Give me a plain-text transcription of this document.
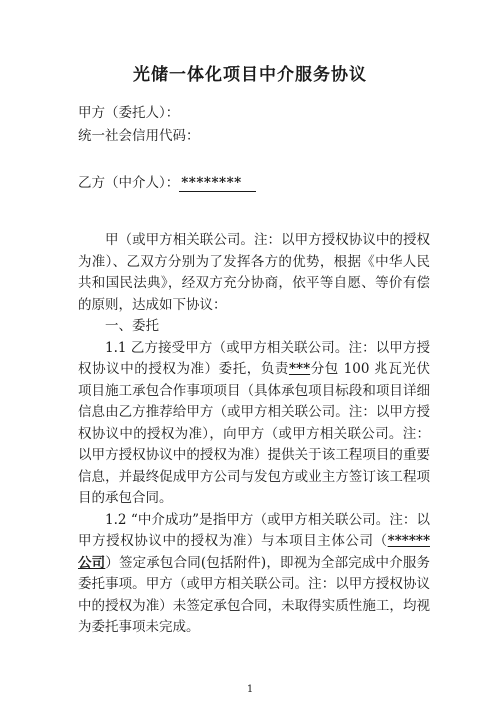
光储一体化项目中介服务协议
甲方（委托人）：
统一社会信用代码：
乙方（中介人）： ********

甲（或甲方相关联公司。注：以甲方授权协议中的授权为准）、乙双方分别为了发挥各方的优势，根据《中华人民共和国民法典》，经双方充分协商，依平等自愿、等价有偿的原则，达成如下协议：

一、委托

1.1 乙方接受甲方（或甲方相关联公司。注：以甲方授权协议中的授权为准）委托，负责***分包 100 兆瓦光伏项目施工承包合作事项项目（具体承包项目标段和项目详细信息由乙方推荐给甲方（或甲方相关联公司。注：以甲方授权协议中的授权为准），向甲方（或甲方相关联公司。注：以甲方授权协议中的授权为准）提供关于该工程项目的重要信息，并最终促成甲方公司与发包方或业主方签订该工程项目的承包合同。

1.2 “中介成功”是指甲方（或甲方相关联公司。注：以甲方授权协议中的授权为准）与本项目主体公司（******公司）签定承包合同(包括附件)，即视为全部完成中介服务委托事项。甲方（或甲方相关联公司。注：以甲方授权协议中的授权为准）未签定承包合同，未取得实质性施工，均视为委托事项未完成。

1
